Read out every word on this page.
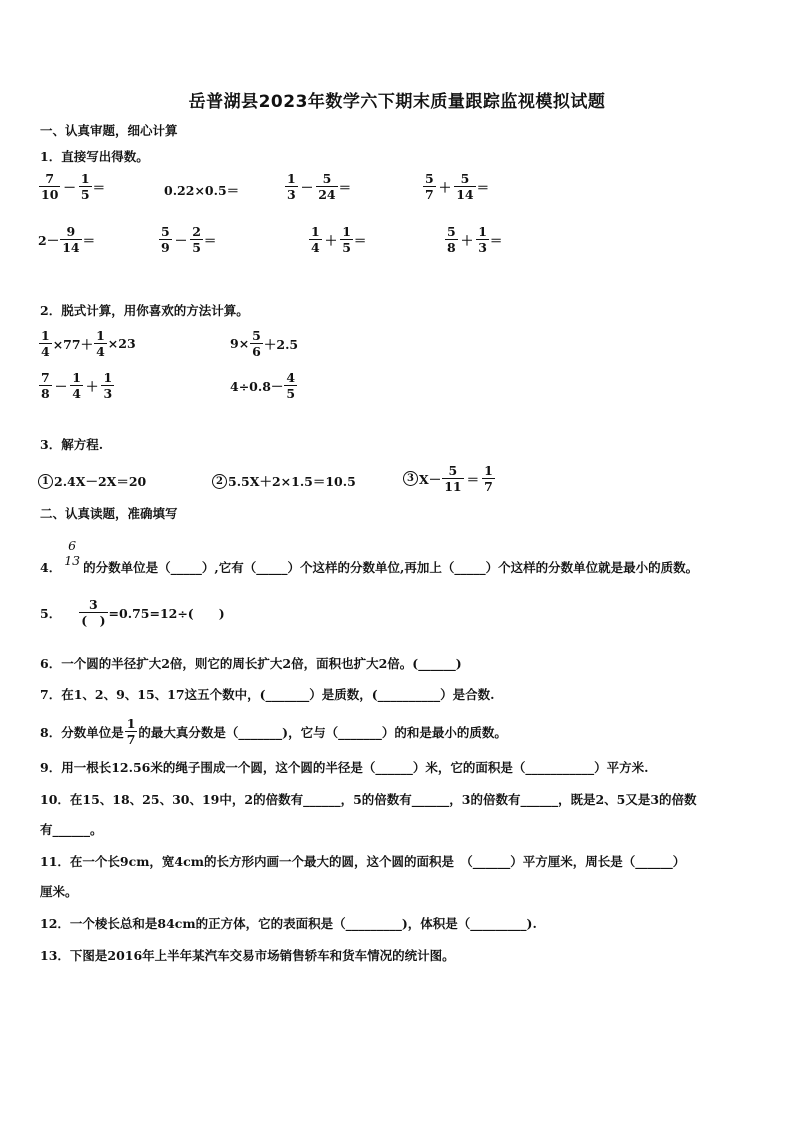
岳普湖县2023年数学六下期末质量跟踪监视模拟试题
一、认真审题，细心计算
1．直接写出得数。
$\frac{7}{10} - \frac{1}{5}$ ＝	0.22×0.5＝	$\frac{1}{3} - \frac{5}{24}$ ＝	$\frac{5}{7} + \frac{5}{14}$ ＝
$2- \frac{9}{14}$ ＝	$\frac{5}{9} - \frac{2}{5}$ ＝	$\frac{1}{4} + \frac{1}{5}$ ＝	$\frac{5}{8} + \frac{1}{3}$ ＝
2．脱式计算，用你喜欢的方法计算。
$\frac{1}{4} \times 77+ \frac{1}{4} \times 23$	$9\times \frac{5}{6} +2.5$
$\frac{7}{8} - \frac{1}{4} + \frac{1}{3}$	$4\div 0.8- \frac{4}{5}$
3．解方程.
1 2.4X－2X＝20	2 5.5X＋2×1.5＝10.5	3 $X- \frac{5}{11} = \frac{1}{7}$
二、认真读题，准确填写
4．
6
13 的分数单位是（_____）,它有（_____）个这样的分数单位,再加上（_____）个这样的分数单位就是最小的质数。
5． $\frac{3}{( )} =0.75=12\div$(　　)
6．一个圆的半径扩大2倍，则它的周长扩大2倍，面积也扩大2倍。(______)
7．在1、2、9、15、17这五个数中，(_______）是质数，(__________）是合数.
8．分数单位是 $\frac{1}{7}$ 的最大真分数是（_______)，它与（_______）的和是最小的质数。
9．用一根长12.56米的绳子围成一个圆，这个圆的半径是（______）米，它的面积是（___________）平方米.
10．在15、18、25、30、19中，2的倍数有______，5的倍数有______，3的倍数有______，既是2、5又是3的倍数
有______。
11．在一个长9cm，宽4cm的长方形内画一个最大的圆，这个圆的面积是　（______）平方厘米，周长是（______）
厘米。
12．一个棱长总和是84cm的正方体，它的表面积是（_________)，体积是（_________).
13．下图是2016年上半年某汽车交易市场销售轿车和货车情况的统计图。
